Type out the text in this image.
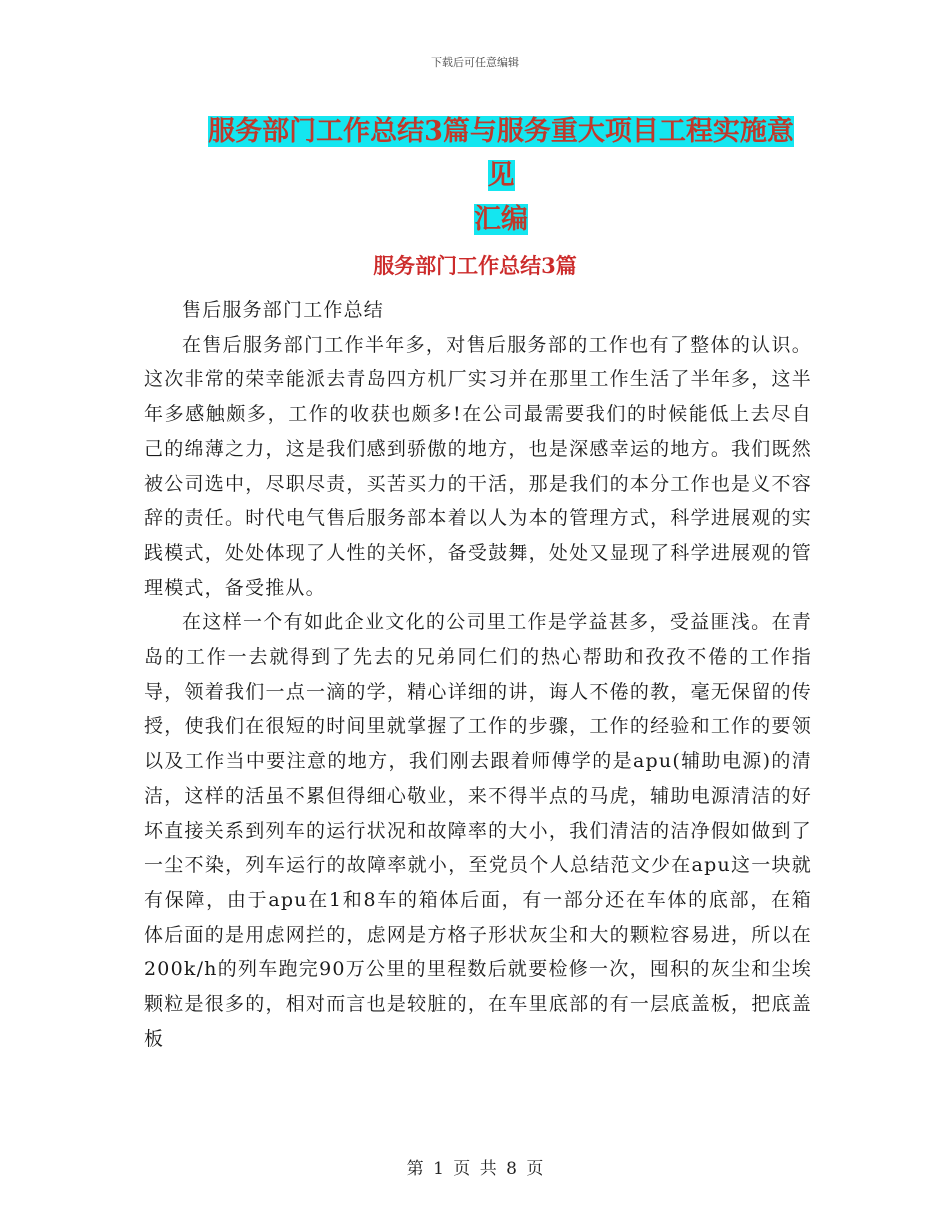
下载后可任意编辑
服务部门工作总结3篇与服务重大项目工程实施意见
汇编
服务部门工作总结3篇

售后服务部门工作总结

在售后服务部门工作半年多，对售后服务部的工作也有了整体的认识。这次非常的荣幸能派去青岛四方机厂实习并在那里工作生活了半年多，这半年多感触颇多，工作的收获也颇多!在公司最需要我们的时候能低上去尽自己的绵薄之力，这是我们感到骄傲的地方，也是深感幸运的地方。我们既然被公司选中，尽职尽责，买苦买力的干活，那是我们的本分工作也是义不容辞的责任。时代电气售后服务部本着以人为本的管理方式，科学进展观的实践模式，处处体现了人性的关怀，备受鼓舞，处处又显现了科学进展观的管理模式，备受推从。

在这样一个有如此企业文化的公司里工作是学益甚多，受益匪浅。在青岛的工作一去就得到了先去的兄弟同仁们的热心帮助和孜孜不倦的工作指导，领着我们一点一滴的学，精心详细的讲，诲人不倦的教，毫无保留的传授，使我们在很短的时间里就掌握了工作的步骤，工作的经验和工作的要领以及工作当中要注意的地方，我们刚去跟着师傅学的是apu(辅助电源)的清洁，这样的活虽不累但得细心敬业，来不得半点的马虎，辅助电源清洁的好坏直接关系到列车的运行状况和故障率的大小，我们清洁的洁净假如做到了一尘不染，列车运行的故障率就小，至党员个人总结范文少在apu这一块就有保障，由于apu在1和8车的箱体后面，有一部分还在车体的底部，在箱体后面的是用虑网拦的，虑网是方格子形状灰尘和大的颗粒容易进，所以在200k/h的列车跑完90万公里的里程数后就要检修一次，囤积的灰尘和尘埃颗粒是很多的，相对而言也是较脏的，在车里底部的有一层底盖板，把底盖板

第 1 页 共 8 页
